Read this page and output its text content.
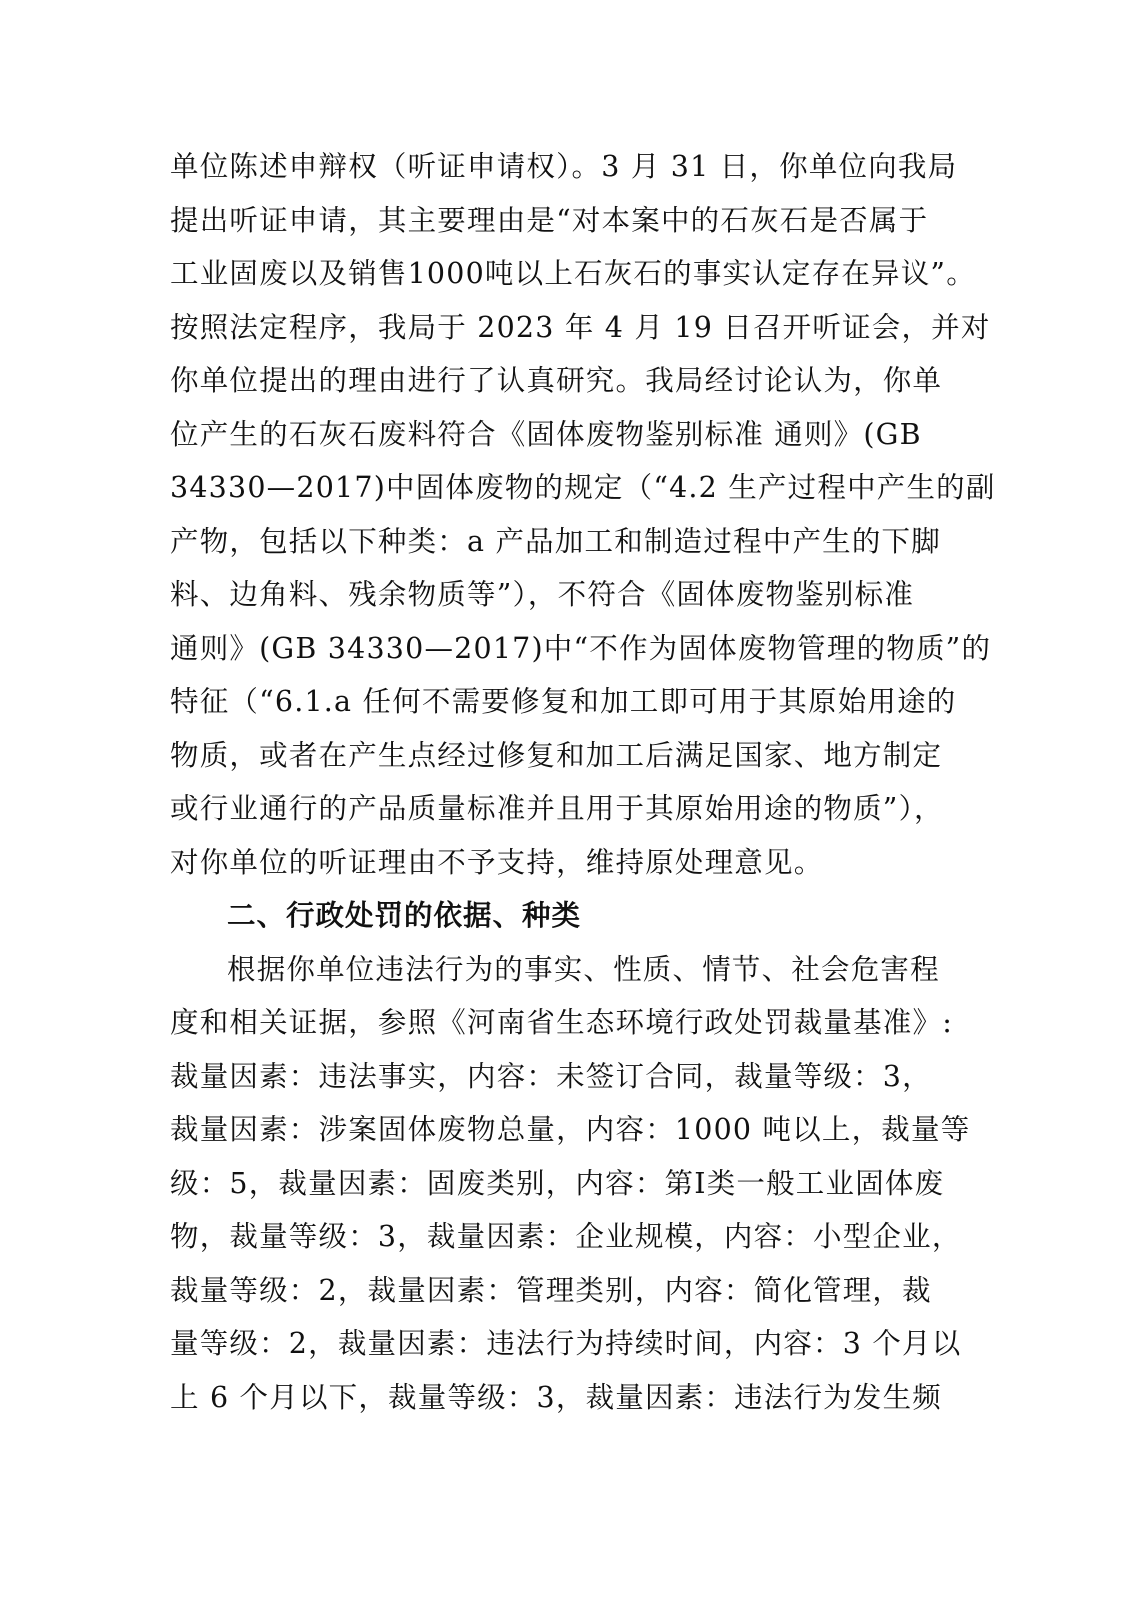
单位陈述申辩权（听证申请权）。3 月 31 日，你单位向我局
提出听证申请，其主要理由是“对本案中的石灰石是否属于
工业固废以及销售1000吨以上石灰石的事实认定存在异议”。
按照法定程序，我局于 2023 年 4 月 19 日召开听证会，并对
你单位提出的理由进行了认真研究。我局经讨论认为，你单
位产生的石灰石废料符合《固体废物鉴别标准 通则》(GB
34330—2017)中固体废物的规定（“4.2 生产过程中产生的副
产物，包括以下种类：a 产品加工和制造过程中产生的下脚
料、边角料、残余物质等”），不符合《固体废物鉴别标准
通则》(GB 34330—2017)中“不作为固体废物管理的物质”的
特征（“6.1.a 任何不需要修复和加工即可用于其原始用途的
物质，或者在产生点经过修复和加工后满足国家、地方制定
或行业通行的产品质量标准并且用于其原始用途的物质”），
对你单位的听证理由不予支持，维持原处理意见。
二、行政处罚的依据、种类
根据你单位违法行为的事实、性质、情节、社会危害程
度和相关证据，参照《河南省生态环境行政处罚裁量基准》:
裁量因素：违法事实，内容：未签订合同，裁量等级：3，
裁量因素：涉案固体废物总量，内容：1000 吨以上，裁量等
级：5，裁量因素：固废类别，内容：第I类一般工业固体废
物，裁量等级：3，裁量因素：企业规模，内容：小型企业，
裁量等级：2，裁量因素：管理类别，内容：简化管理，裁
量等级：2，裁量因素：违法行为持续时间，内容：3 个月以
上 6 个月以下，裁量等级：3，裁量因素：违法行为发生频
